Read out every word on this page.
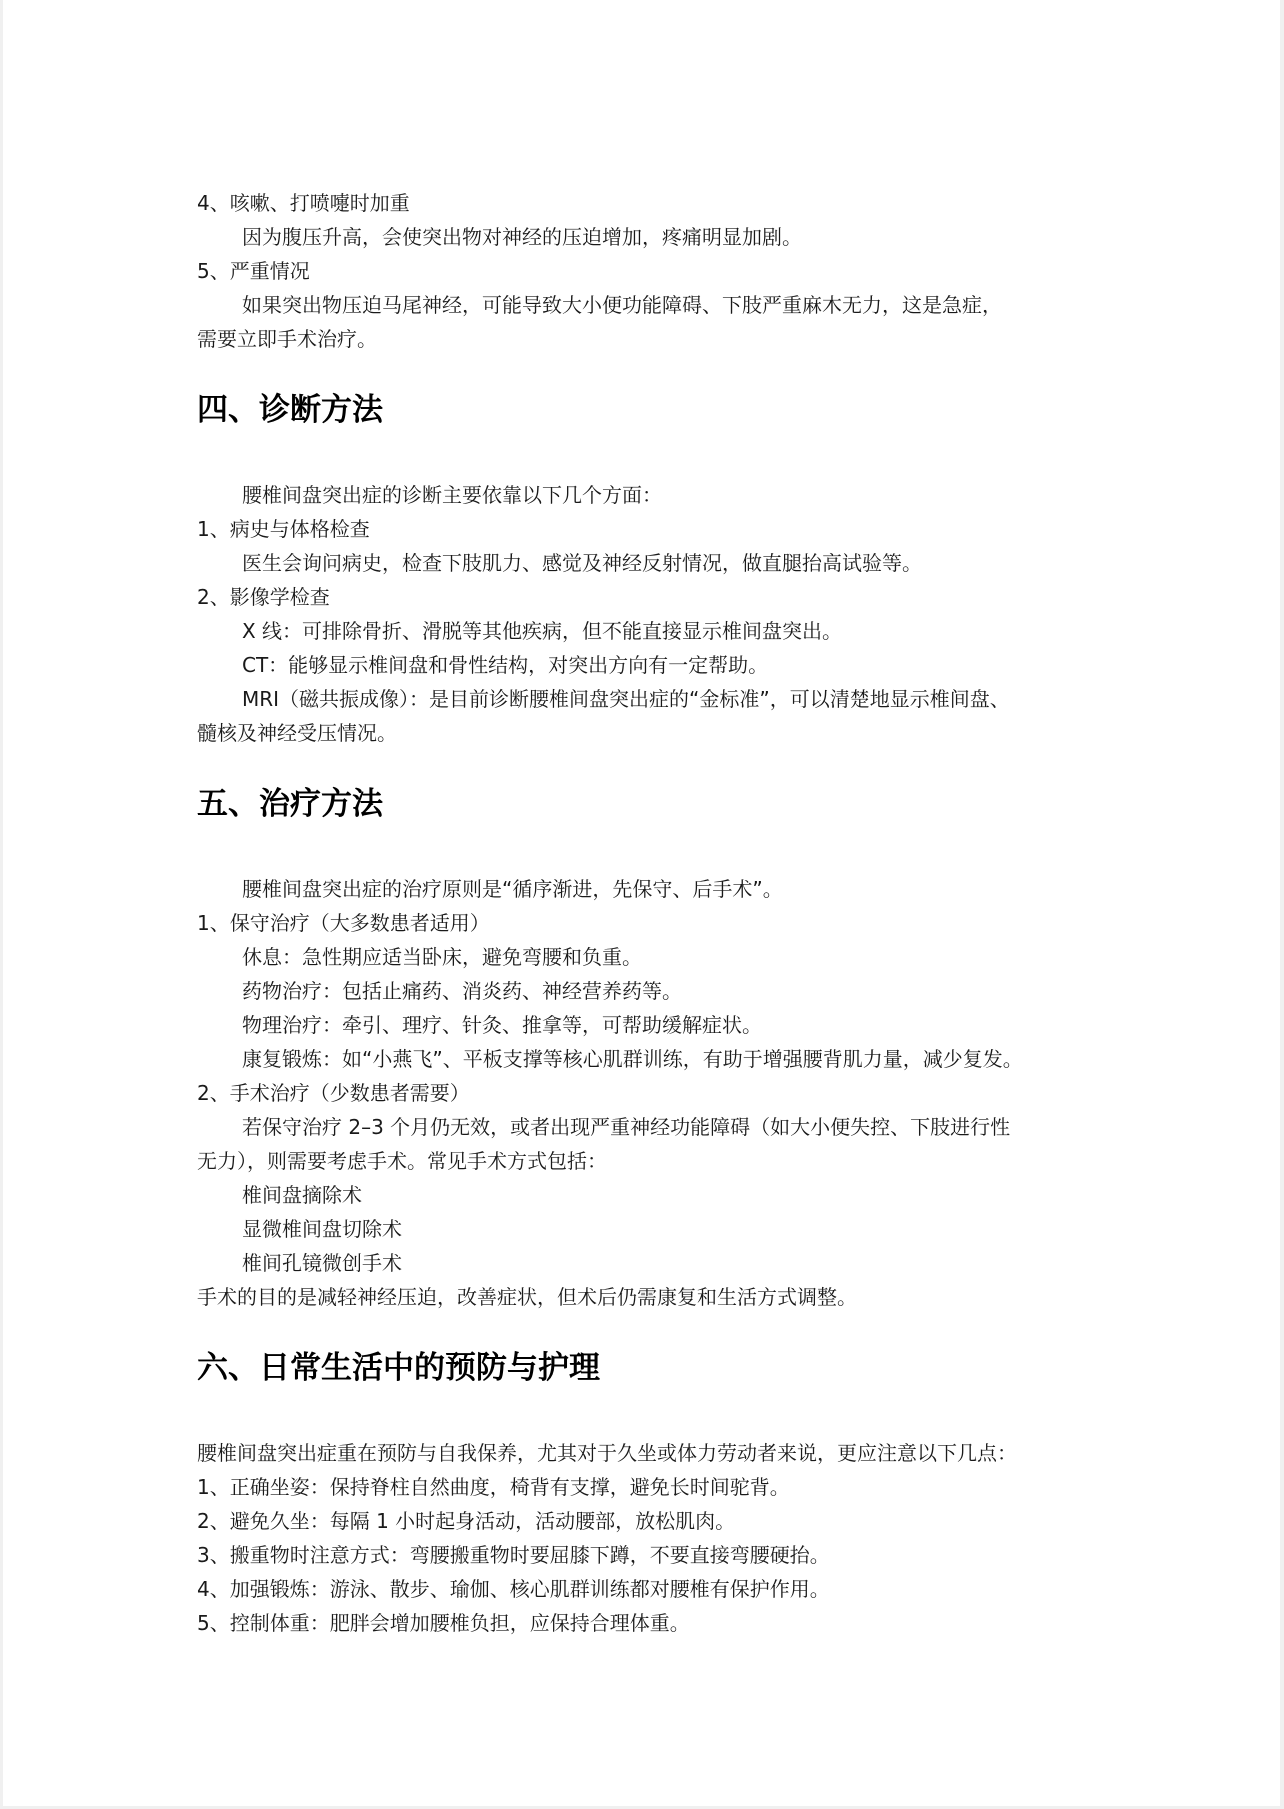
4、咳嗽、打喷嚏时加重
因为腹压升高，会使突出物对神经的压迫增加，疼痛明显加剧。
5、严重情况
如果突出物压迫马尾神经，可能导致大小便功能障碍、下肢严重麻木无力，这是急症，
需要立即手术治疗。
四、诊断方法
腰椎间盘突出症的诊断主要依靠以下几个方面：
1、病史与体格检查
医生会询问病史，检查下肢肌力、感觉及神经反射情况，做直腿抬高试验等。
2、影像学检查
X 线：可排除骨折、滑脱等其他疾病，但不能直接显示椎间盘突出。
CT：能够显示椎间盘和骨性结构，对突出方向有一定帮助。
MRI（磁共振成像）：是目前诊断腰椎间盘突出症的“金标准”，可以清楚地显示椎间盘、
髓核及神经受压情况。
五、治疗方法
腰椎间盘突出症的治疗原则是“循序渐进，先保守、后手术”。
1、保守治疗（大多数患者适用）
休息：急性期应适当卧床，避免弯腰和负重。
药物治疗：包括止痛药、消炎药、神经营养药等。
物理治疗：牵引、理疗、针灸、推拿等，可帮助缓解症状。
康复锻炼：如“小燕飞”、平板支撑等核心肌群训练，有助于增强腰背肌力量，减少复发。
2、手术治疗（少数患者需要）
若保守治疗 2–3 个月仍无效，或者出现严重神经功能障碍（如大小便失控、下肢进行性
无力），则需要考虑手术。常见手术方式包括：
椎间盘摘除术
显微椎间盘切除术
椎间孔镜微创手术
手术的目的是减轻神经压迫，改善症状，但术后仍需康复和生活方式调整。
六、日常生活中的预防与护理
腰椎间盘突出症重在预防与自我保养，尤其对于久坐或体力劳动者来说，更应注意以下几点：
1、正确坐姿：保持脊柱自然曲度，椅背有支撑，避免长时间驼背。
2、避免久坐：每隔 1 小时起身活动，活动腰部，放松肌肉。
3、搬重物时注意方式：弯腰搬重物时要屈膝下蹲，不要直接弯腰硬抬。
4、加强锻炼：游泳、散步、瑜伽、核心肌群训练都对腰椎有保护作用。
5、控制体重：肥胖会增加腰椎负担，应保持合理体重。
